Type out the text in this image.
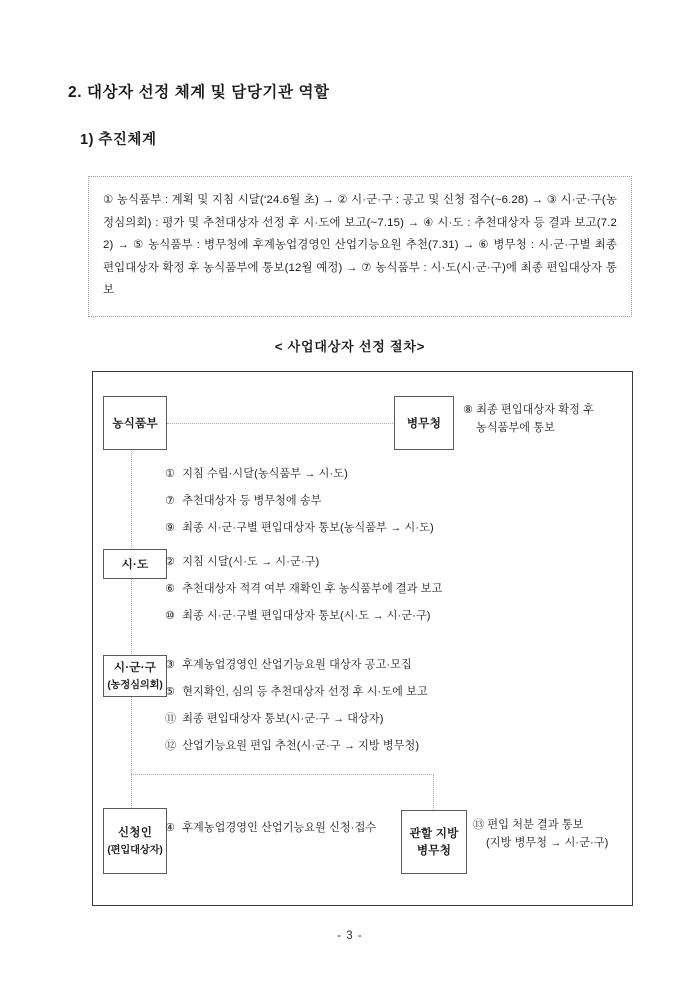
2. 대상자 선정 체계 및 담당기관 역할
1) 추진체계
① 농식품부 : 계획 및 지침 시달(‘24.6월 초) → ② 시·군·구 : 공고 및 신청 접수(~6.28) → ③ 시·군·구(농정심의회) : 평가 및 추천대상자 선정 후 시·도에 보고(~7.15) → ④ 시·도 : 추천대상자 등 결과 보고(7.22) → ⑤ 농식품부 : 병무청에 후계농업경영인 산업기능요원 추천(7.31) → ⑥ 병무청 : 시·군·구별 최종 편입대상자 확정 후 농식품부에 통보(12월 예정) → ⑦ 농식품부 : 시·도(시·군·구)에 최종 편입대상자 통보
< 사업대상자 선정 절차>
농식품부	병무청
⑧ 최종 편입대상자 확정 후
농식품부에 통보
① 지침 수립·시달(농식품부 → 시·도)
⑦ 추천대상자 등 병무청에 송부
⑨ 최종 시·군·구별 편입대상자 통보(농식품부 → 시·도)
시·도 ② 지침 시달(시·도 → 시·군·구)
⑥ 추천대상자 적격 여부 재확인 후 농식품부에 결과 보고
⑩ 최종 시·군·구별 편입대상자 통보(시·도 → 시·군·구)
시·군·구
(농정심의회)
③ 후계농업경영인 산업기능요원 대상자 공고·모집
⑤ 현지확인, 심의 등 추천대상자 선정 후 시·도에 보고
⑪ 최종 편입대상자 통보(시·군·구 → 대상자)
⑫ 산업기능요원 편입 추천(시·군·구 → 지방 병무청)
신청인
(편입대상자)
④ 후계농업경영인 산업기능요원 신청·접수	관할 지방
병무청
⑬ 편입 처분 결과 통보
(지방 병무청 → 시·군·구)
- 3 -
